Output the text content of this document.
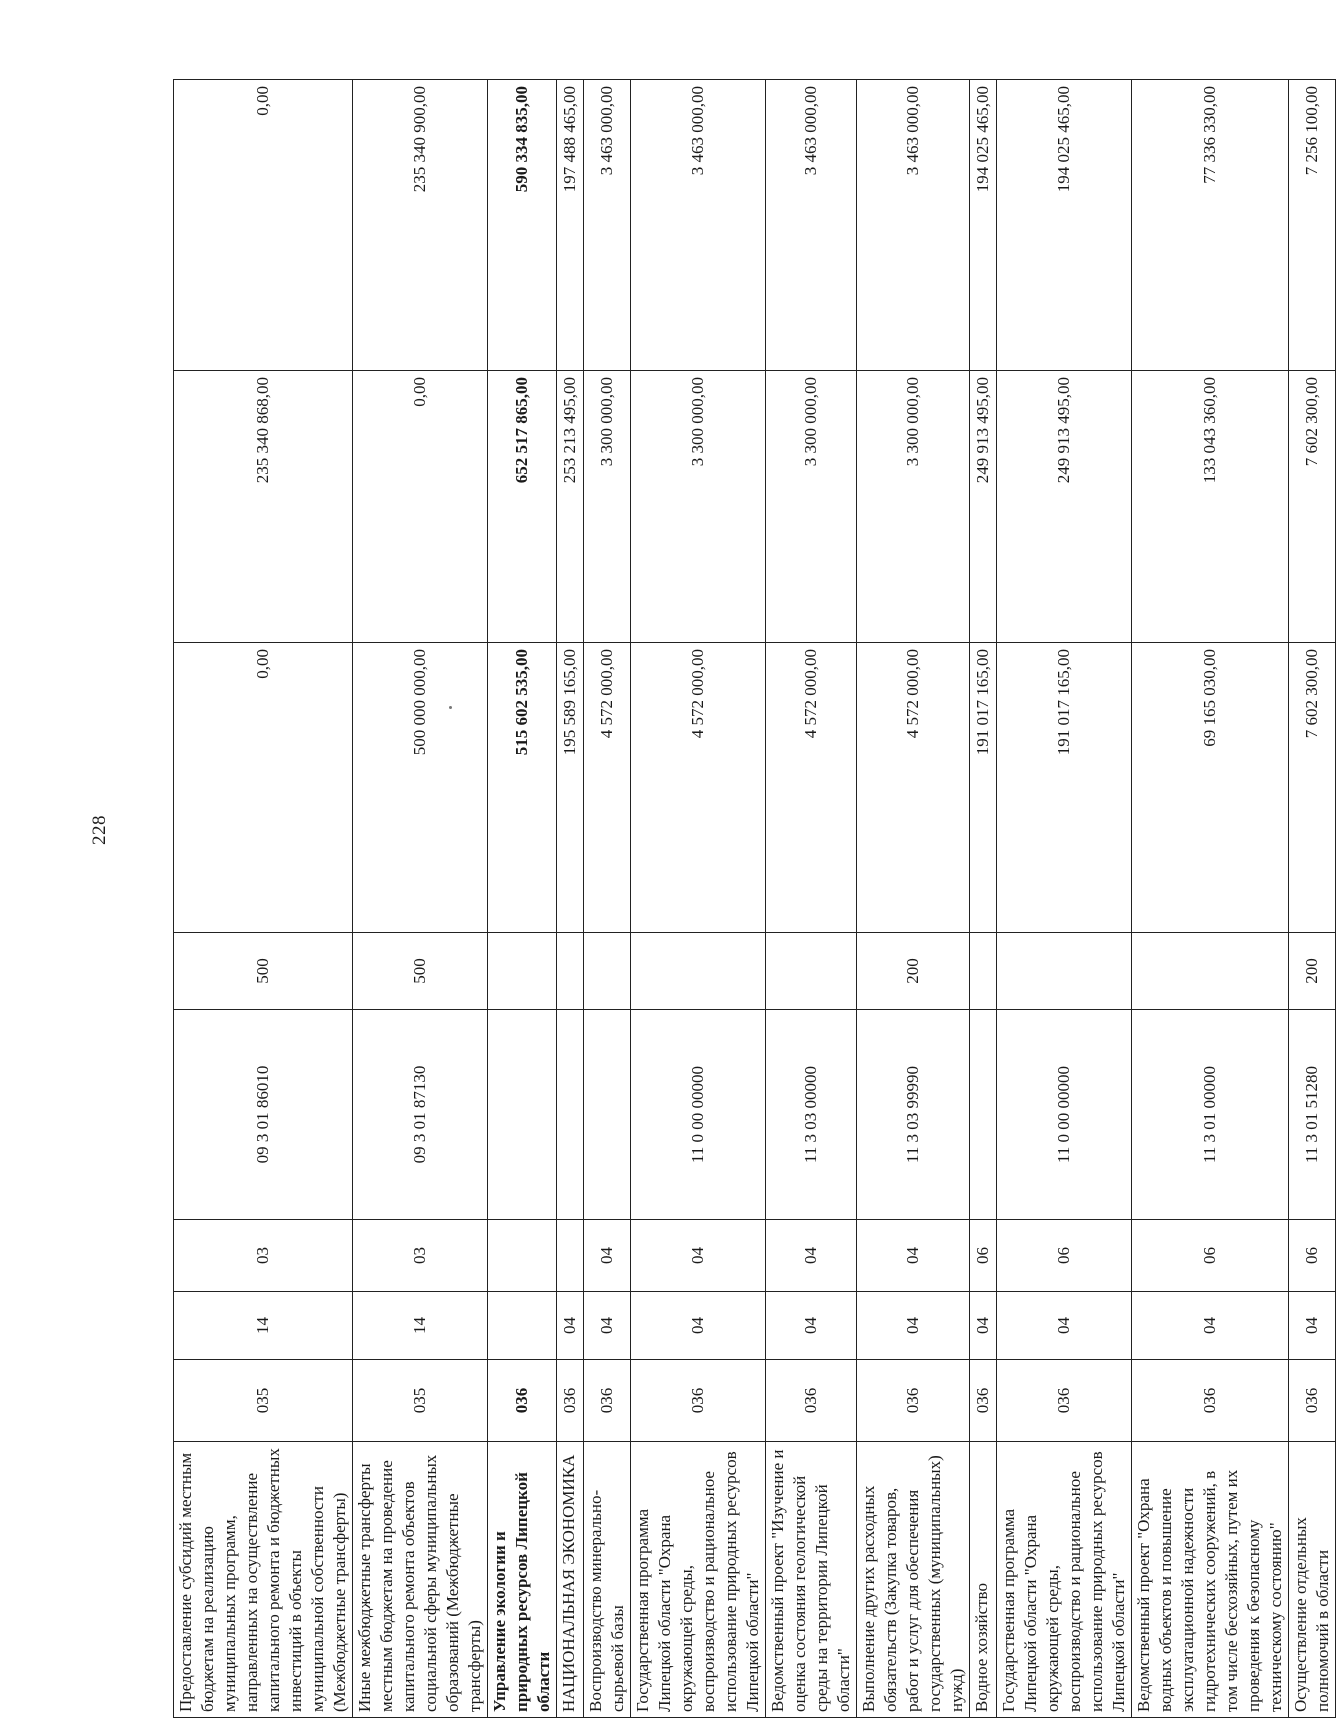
228
Предоставление субсидий местным бюджетам на реализацию муниципальных программ, направленных на осуществление капитального ремонта и бюджетных инвестиций в объекты муниципальной собственности (Межбюджетные трансферты)	035	14	03	09 3 01 86010	500	0,00	235 340 868,00	0,00
Иные межбюджетные трансферты местным бюджетам на проведение капитального ремонта объектов социальной сферы муниципальных образований (Межбюджетные трансферты)	035	14	03	09 3 01 87130	500	500 000 000,00	0,00	235 340 900,00
Управление экологии и природных ресурсов Липецкой области	036					515 602 535,00	652 517 865,00	590 334 835,00
НАЦИОНАЛЬНАЯ ЭКОНОМИКА	036	04				195 589 165,00	253 213 495,00	197 488 465,00
Воспроизводство минерально-сырьевой базы	036	04	04			4 572 000,00	3 300 000,00	3 463 000,00
Государственная программа Липецкой области "Охрана окружающей среды, воспроизводство и рациональное использование природных ресурсов Липецкой области"	036	04	04	11 0 00 00000		4 572 000,00	3 300 000,00	3 463 000,00
Ведомственный проект "Изучение и оценка состояния геологической среды на территории Липецкой области"	036	04	04	11 3 03 00000		4 572 000,00	3 300 000,00	3 463 000,00
Выполнение других расходных обязательств (Закупка товаров, работ и услуг для обеспечения государственных (муниципальных) нужд)	036	04	04	11 3 03 99990	200	4 572 000,00	3 300 000,00	3 463 000,00
Водное хозяйство	036	04	06			191 017 165,00	249 913 495,00	194 025 465,00
Государственная программа Липецкой области "Охрана окружающей среды, воспроизводство и рациональное использование природных ресурсов Липецкой области"	036	04	06	11 0 00 00000		191 017 165,00	249 913 495,00	194 025 465,00
Ведомственный проект "Охрана водных объектов и повышение эксплуатационной надежности гидротехнических сооружений, в том числе бесхозяйных, путем их проведения к безопасному техническому состоянию"	036	04	06	11 3 01 00000		69 165 030,00	133 043 360,00	77 336 330,00
Осуществление отдельных полномочий в области	036	04	06	11 3 01 51280	200	7 602 300,00	7 602 300,00	7 256 100,00
